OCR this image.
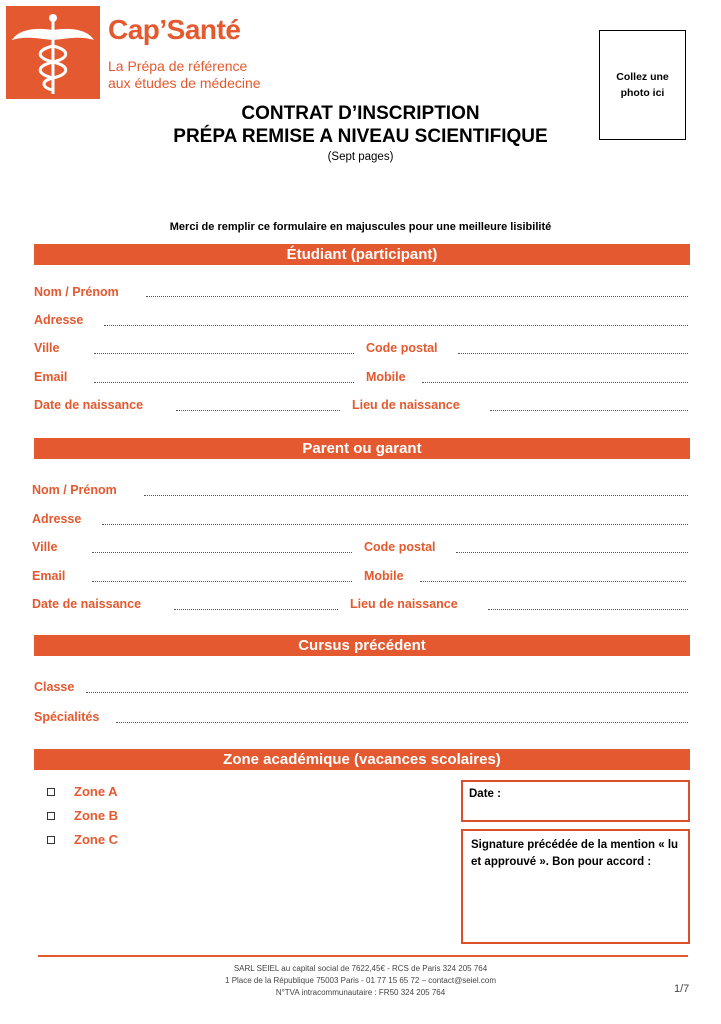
Cap’Santé
La Prépa de référence
aux études de médecine	Collez une
photo ici
CONTRAT D’INSCRIPTION
PRÉPA REMISE A NIVEAU SCIENTIFIQUE
(Sept pages)
Merci de remplir ce formulaire en majuscules pour une meilleure lisibilité
Étudiant (participant)
Nom / Prénom
Adresse
Ville	Code postal
Email	Mobile
Date de naissance	Lieu de naissance
Parent ou garant
Nom / Prénom
Adresse
Ville	Code postal
Email	Mobile
Date de naissance	Lieu de naissance
Cursus précédent
Classe
Spécialités
Zone académique (vacances scolaires)
Zone A
Zone B
Zone C
Date :
Signature précédée de la mention « lu et approuvé ». Bon pour accord :
SARL SEIEL au capital social de 7622,45€ - RCS de Paris 324 205 764
1 Place de la République 75003 Paris - 01 77 15 65 72 – contact@seiel.com
N°TVA intracommunautaire : FR50 324 205 764	1/7
